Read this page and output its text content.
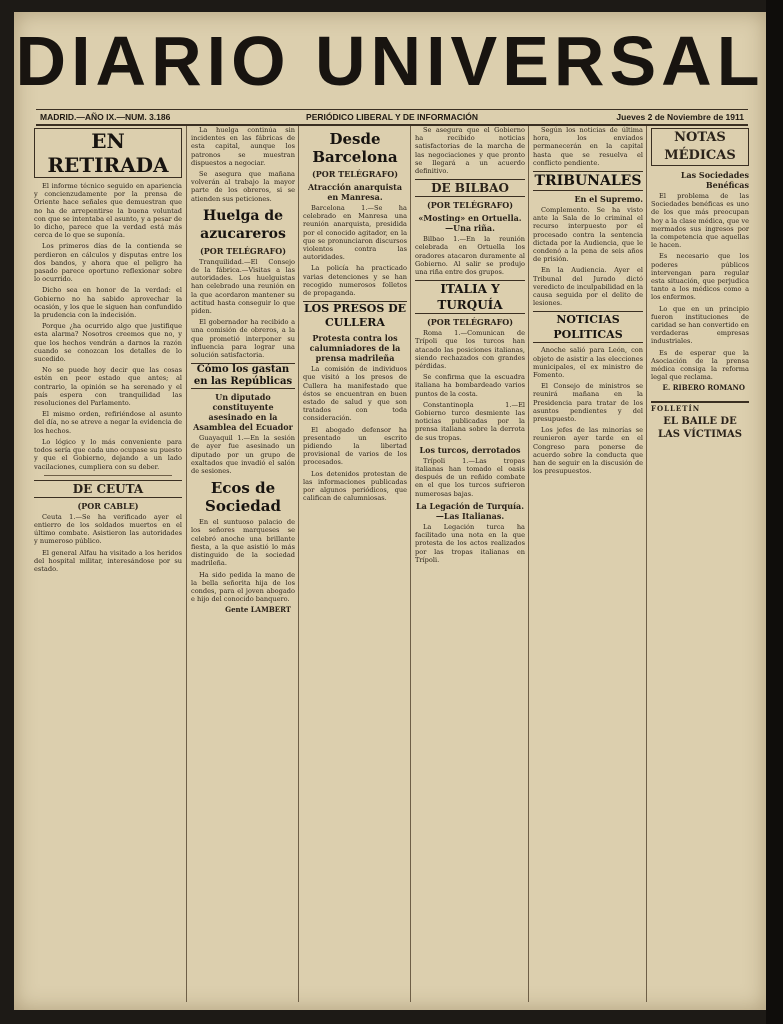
DIARIO UNIVERSAL
MADRID.—AÑO IX.—NUM. 3.186	PERIÓDICO LIBERAL Y DE INFORMACIÓN	Jueves 2 de Noviembre de 1911
EN RETIRADA

El informe técnico seguido en apariencia y concienzudamente por la prensa de Oriente hace señales que demuestran que no ha de arrepentirse la buena voluntad con que se intentaba el asunto, y a pesar de lo dicho, parece que la verdad está más cerca de lo que se suponía.

Los primeros días de la contienda se perdieron en cálculos y disputas entre los dos bandos, y ahora que el peligro ha pasado parece oportuno reflexionar sobre lo ocurrido.

Dicho sea en honor de la verdad: el Gobierno no ha sabido aprovechar la ocasión, y los que le siguen han confundido la prudencia con la indecisión.

Porque ¿ha ocurrido algo que justifique esta alarma? Nosotros creemos que no, y que los hechos vendrán a darnos la razón cuando se conozcan los detalles de lo sucedido.

No se puede hoy decir que las cosas estén en peor estado que antes; al contrario, la opinión se ha serenado y el país espera con tranquilidad las resoluciones del Parlamento.

El mismo orden, refiriéndose al asunto del día, no se atreve a negar la evidencia de los hechos.

Lo lógico y lo más conveniente para todos sería que cada uno ocupase su puesto y que el Gobierno, dejando a un lado vacilaciones, cumpliera con su deber.

DE CEUTA
(POR CABLE)

Ceuta 1.—Se ha verificado ayer el entierro de los soldados muertos en el último combate. Asistieron las autoridades y numeroso público.

El general Alfau ha visitado a los heridos del hospital militar, interesándose por su estado.

La huelga continúa sin incidentes en las fábricas de esta capital, aunque los patronos se muestran dispuestos a negociar.

Se asegura que mañana volverán al trabajo la mayor parte de los obreros, si se atienden sus peticiones.

Huelga de azucareros
(POR TELÉGRAFO)

Tranquilidad.—El Consejo de la fábrica.—Visitas a las autoridades. Los huelguistas han celebrado una reunión en la que acordaron mantener su actitud hasta conseguir lo que piden.

El gobernador ha recibido a una comisión de obreros, a la que prometió interponer su influencia para lograr una solución satisfactoria.

Cómo los gastan en las Repúblicas
Un diputado constituyente asesinado en la Asamblea del Ecuador

Guayaquil 1.—En la sesión de ayer fue asesinado un diputado por un grupo de exaltados que invadió el salón de sesiones.

Ecos de Sociedad

En el suntuoso palacio de los señores marqueses se celebró anoche una brillante fiesta, a la que asistió lo más distinguido de la sociedad madrileña.

Ha sido pedida la mano de la bella señorita hija de los condes, para el joven abogado e hijo del conocido banquero.

Gente LAMBERT
Desde Barcelona
(POR TELÉGRAFO)
Atracción anarquista en Manresa.

Barcelona 1.—Se ha celebrado en Manresa una reunión anarquista, presidida por el conocido agitador, en la que se pronunciaron discursos violentos contra las autoridades.

La policía ha practicado varias detenciones y se han recogido numerosos folletos de propaganda.

LOS PRESOS DE CULLERA
Protesta contra los calumniadores de la prensa madrileña

La comisión de individuos que visitó a los presos de Cullera ha manifestado que éstos se encuentran en buen estado de salud y que son tratados con toda consideración.

El abogado defensor ha presentado un escrito pidiendo la libertad provisional de varios de los procesados.

Los detenidos protestan de las informaciones publicadas por algunos periódicos, que califican de calumniosas.

Se asegura que el Gobierno ha recibido noticias satisfactorias de la marcha de las negociaciones y que pronto se llegará a un acuerdo definitivo.

DE BILBAO
(POR TELÉGRAFO)
«Mosting» en Ortuella.—Una riña.

Bilbao 1.—En la reunión celebrada en Ortuella los oradores atacaron duramente al Gobierno. Al salir se produjo una riña entre dos grupos.

ITALIA Y TURQUÍA
(POR TELÉGRAFO)

Roma 1.—Comunican de Trípoli que los turcos han atacado las posiciones italianas, siendo rechazados con grandes pérdidas.

Se confirma que la escuadra italiana ha bombardeado varios puntos de la costa.

Constantinopla 1.—El Gobierno turco desmiente las noticias publicadas por la prensa italiana sobre la derrota de sus tropas.

Los turcos, derrotados

Trípoli 1.—Las tropas italianas han tomado el oasis después de un reñido combate en el que los turcos sufrieron numerosas bajas.

La Legación de Turquía.—Las Italianas.

La Legación turca ha facilitado una nota en la que protesta de los actos realizados por las tropas italianas en Trípoli.

Según los noticias de última hora, los enviados permanecerán en la capital hasta que se resuelva el conflicto pendiente.

TRIBUNALES
En el Supremo.

Complemento. Se ha visto ante la Sala de lo criminal el recurso interpuesto por el procesado contra la sentencia dictada por la Audiencia, que le condenó a la pena de seis años de prisión.

En la Audiencia. Ayer el Tribunal del Jurado dictó veredicto de inculpabilidad en la causa seguida por el delito de lesiones.

NOTICIAS POLITICAS

Anoche salió para León, con objeto de asistir a las elecciones municipales, el ex ministro de Fomento.

El Consejo de ministros se reunirá mañana en la Presidencia para tratar de los asuntos pendientes y del presupuesto.

Los jefes de las minorías se reunieron ayer tarde en el Congreso para ponerse de acuerdo sobre la conducta que han de seguir en la discusión de los presupuestos.

NOTAS MÉDICAS
Las Sociedades Benéficas

El problema de las Sociedades benéficas es uno de los que más preocupan hoy a la clase médica, que ve mermados sus ingresos por la competencia que aquellas le hacen.

Es necesario que los poderes públicos intervengan para regular esta situación, que perjudica tanto a los médicos como a los enfermos.

Lo que en un principio fueron instituciones de caridad se han convertido en verdaderas empresas industriales.

Es de esperar que la Asociación de la prensa médica consiga la reforma legal que reclama.

E. RIBERO ROMANO
FOLLETÍN
EL BAILE DE LAS VÍCTIMAS
